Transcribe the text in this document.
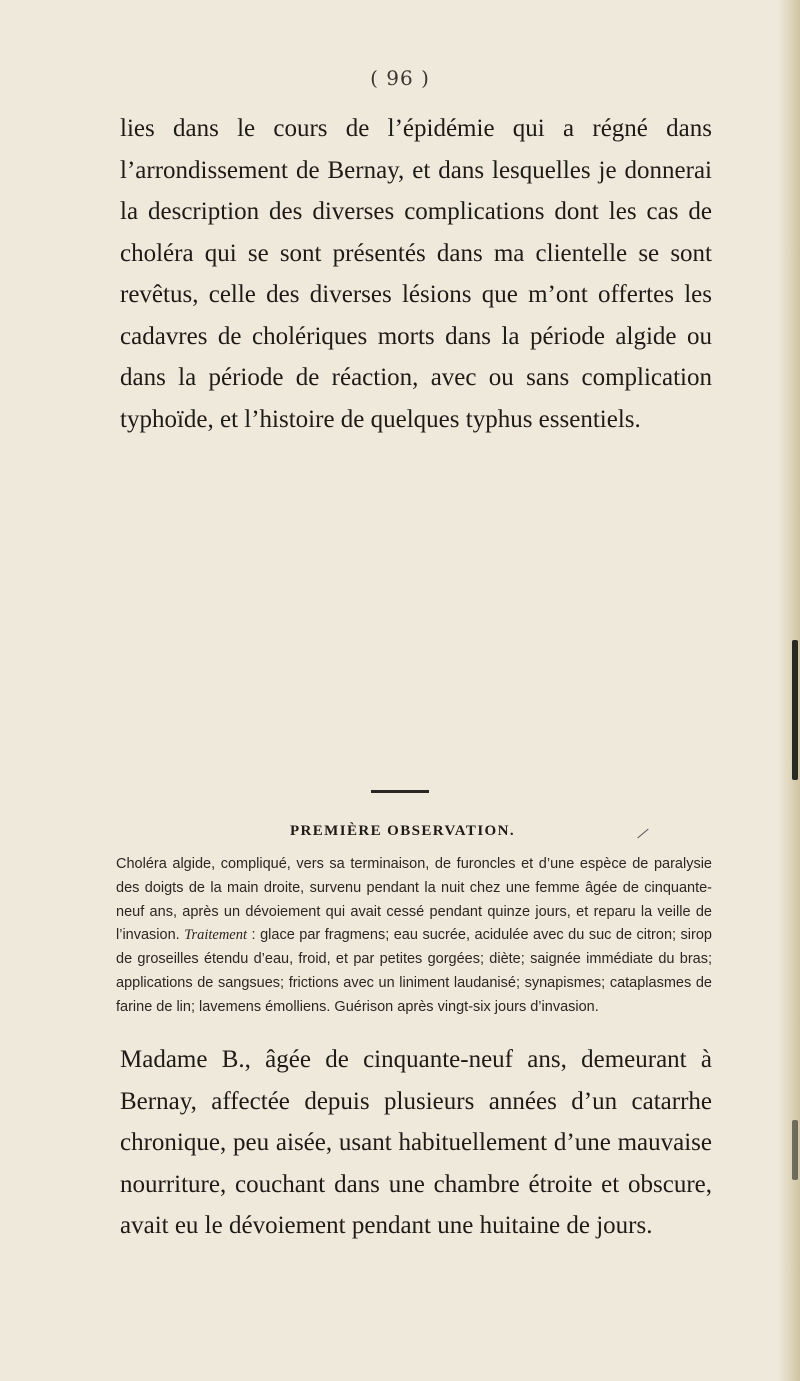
( 96 )

lies dans le cours de l’épidémie qui a régné dans l’arrondissement de Bernay, et dans lesquelles je donnerai la description des diverses complications dont les cas de choléra qui se sont présentés dans ma clientelle se sont revêtus, celle des diverses lésions que m’ont offertes les cadavres de cholériques morts dans la période algide ou dans la période de réaction, avec ou sans complication typhoïde, et l’histoire de quelques typhus essentiels.

PREMIÈRE OBSERVATION.

Choléra algide, compliqué, vers sa terminaison, de furoncles et d’une espèce de paralysie des doigts de la main droite, survenu pendant la nuit chez une femme âgée de cinquante-neuf ans, après un dévoiement qui avait cessé pendant quinze jours, et reparu la veille de l’invasion. Traitement : glace par fragmens; eau sucrée, acidulée avec du suc de citron; sirop de groseilles étendu d’eau, froid, et par petites gorgées; diète; saignée immédiate du bras; applications de sangsues; frictions avec un liniment laudanisé; synapismes; cataplasmes de farine de lin; lavemens émolliens. Guérison après vingt-six jours d’invasion.

Madame B., âgée de cinquante-neuf ans, demeurant à Bernay, affectée depuis plusieurs années d’un catarrhe chronique, peu aisée, usant habituellement d’une mauvaise nourriture, couchant dans une chambre étroite et obscure, avait eu le dévoiement pendant une huitaine de jours.
